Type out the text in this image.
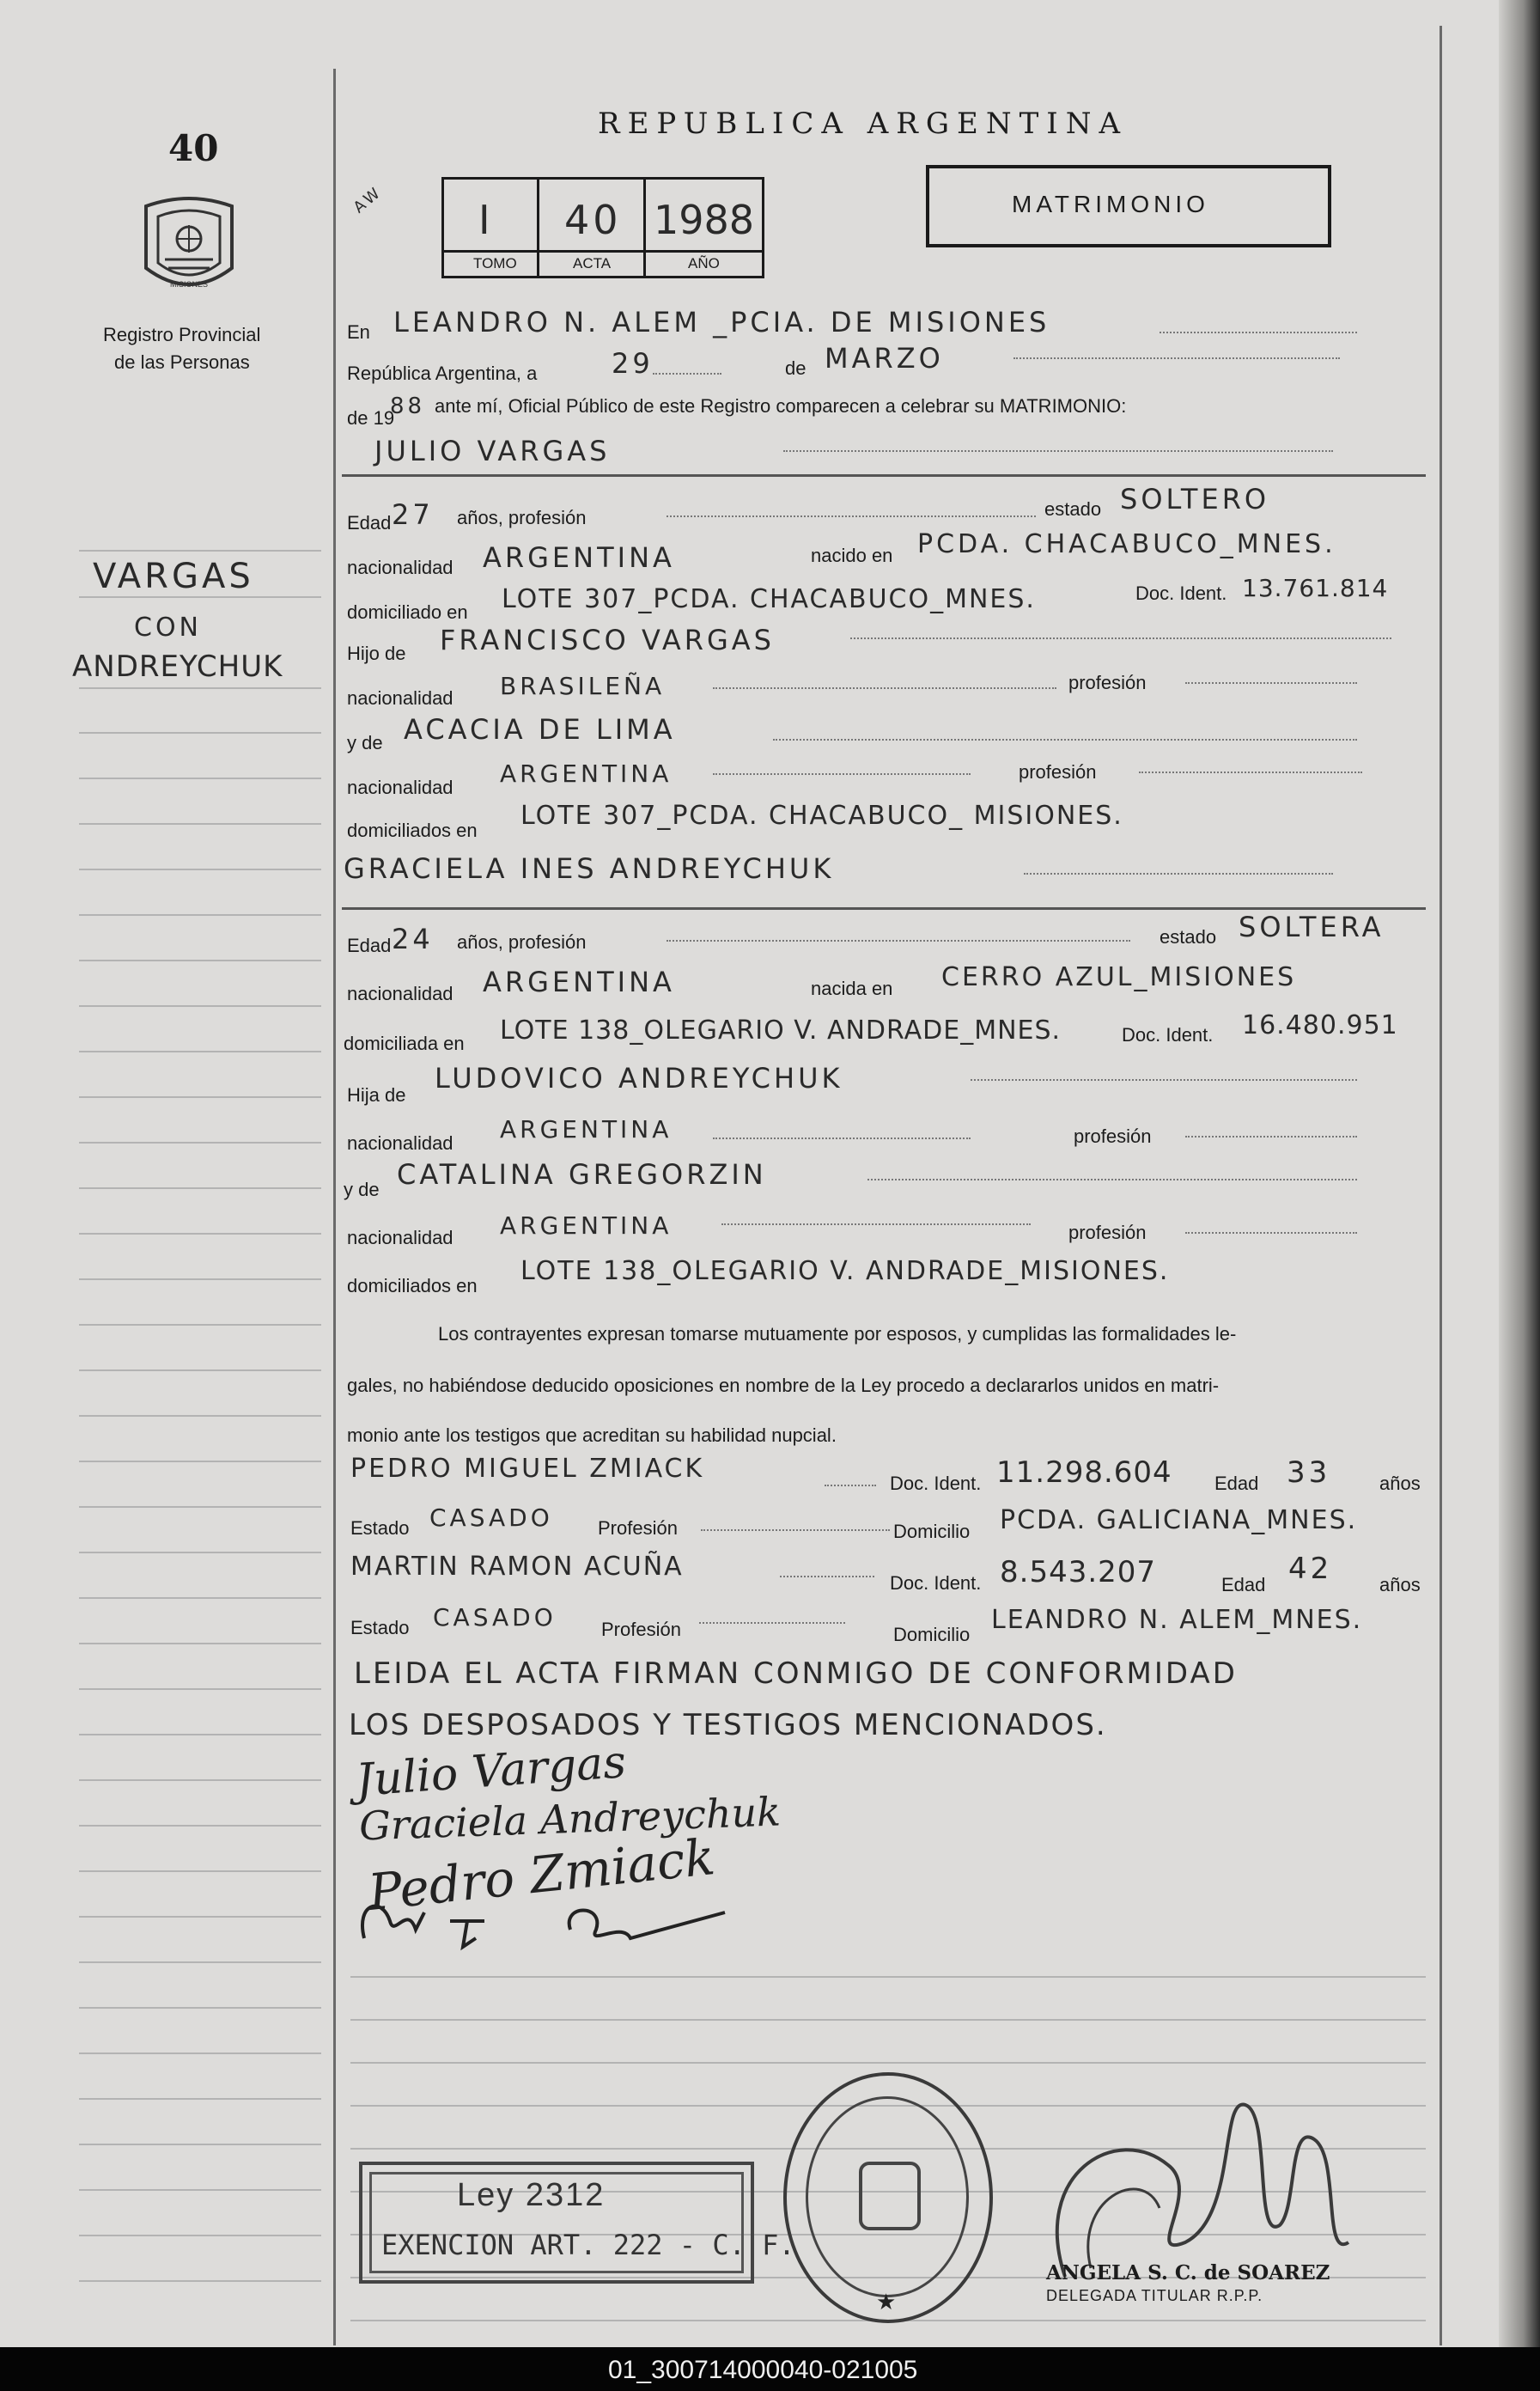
40
MISIONES
Registro Provincial
de las Personas
VARGAS
CON
ANDREYCHUK
REPUBLICA ARGENTINA
AW I 40 1988
TOMO	ACTA	AÑO
MATRIMONIO
En LEANDRO N. ALEM _PCIA. DE MISIONES
República Argentina, a	29	de MARZO
de 19
88 ante mí, Oficial Público de este Registro comparecen a celebrar su MATRIMONIO:
JULIO VARGAS
Edad 27 años, profesión	estado SOLTERO
nacionalidad ARGENTINA	nacido en PCDA. CHACABUCO_MNES.
domiciliado en LOTE 307_PCDA. CHACABUCO_MNES.	Doc. Ident. 13.761.814
Hijo de FRANCISCO VARGAS
nacionalidad BRASILEÑA	profesión
y de ACACIA DE LIMA
nacionalidad ARGENTINA	profesión
domiciliados en LOTE 307_PCDA. CHACABUCO_ MISIONES.
GRACIELA INES ANDREYCHUK
Edad 24 años, profesión	estado SOLTERA
nacionalidad ARGENTINA	nacida en CERRO AZUL_MISIONES
domiciliada en LOTE 138_OLEGARIO V. ANDRADE_MNES.	Doc. Ident. 16.480.951
Hija de
LUDOVICO ANDREYCHUK
nacionalidad ARGENTINA	profesión
y de CATALINA GREGORZIN
nacionalidad ARGENTINA	profesión
domiciliados en LOTE 138_OLEGARIO V. ANDRADE_MISIONES.
Los contrayentes expresan tomarse mutuamente por esposos, y cumplidas las formalidades le-
gales, no habiéndose deducido oposiciones en nombre de la Ley procedo a declararlos unidos en matri-
monio ante los testigos que acreditan su habilidad nupcial.
PEDRO MIGUEL ZMIACK	Doc. Ident. 11.298.604 Edad 33	años
Estado CASADO Profesión	Domicilio PCDA. GALICIANA_MNES.
MARTIN RAMON ACUÑA
Doc. Ident. 8.543.207	Edad 42 años
Estado CASADO Profesión	Domicilio LEANDRO N. ALEM_MNES.
LEIDA EL ACTA FIRMAN CONMIGO DE CONFORMIDAD
LOS DESPOSADOS Y TESTIGOS MENCIONADOS.
Julio Vargas
Graciela Andreychuk
Pedro Zmiack
Ley 2312
EXENCION ART. 222 - C. F.
★
ANGELA S. C. de SOAREZ
DELEGADA TITULAR R.P.P.
01_300714000040-021005
